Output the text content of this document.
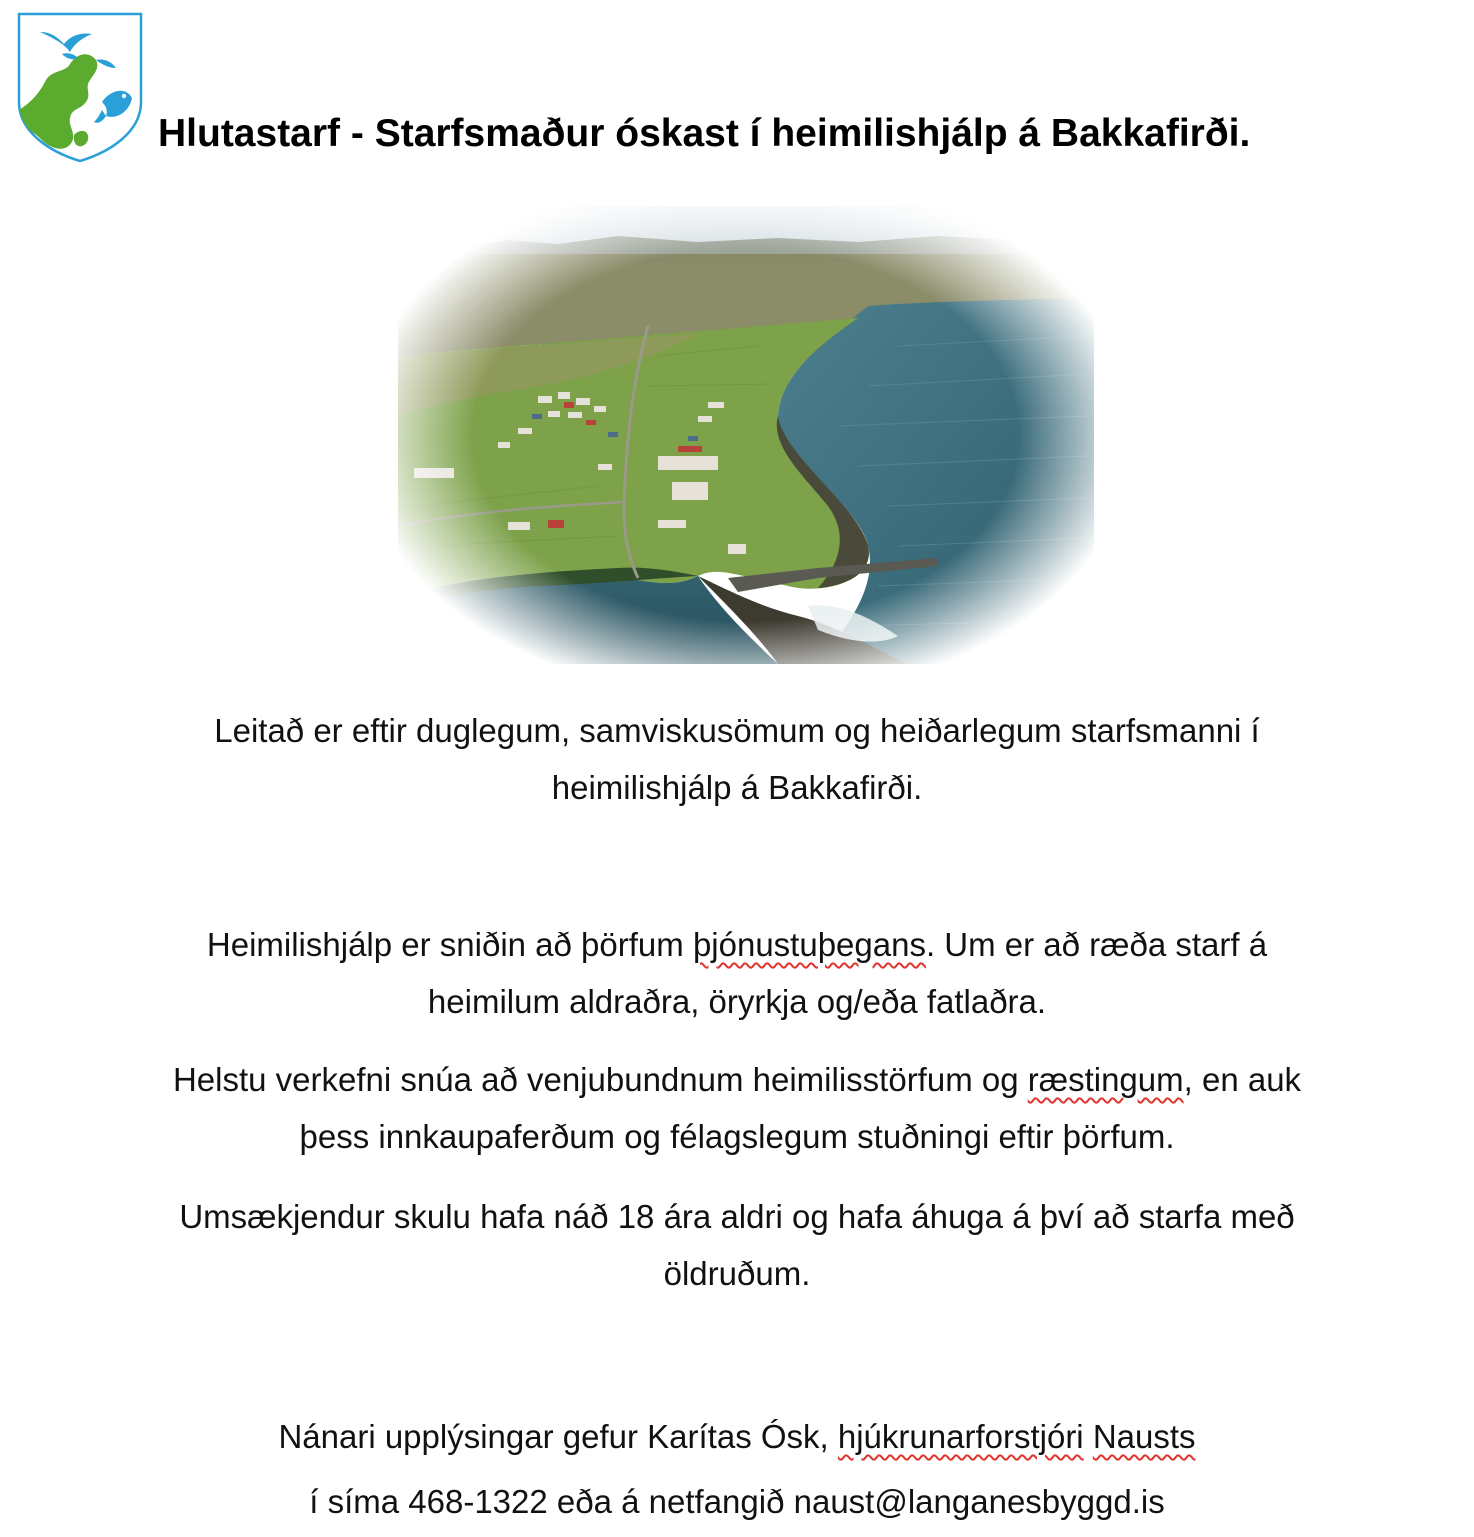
Hlutastarf - Starfsmaður óskast í heimilishjálp á Bakkafirði.

Leitað er eftir duglegum, samviskusömum og heiðarlegum starfsmanni í
heimilishjálp á Bakkafirði.

Heimilishjálp er sniðin að þörfum þjónustuþegans. Um er að ræða starf á
heimilum aldraðra, öryrkja og/eða fatlaðra.

Helstu verkefni snúa að venjubundnum heimilisstörfum og ræstingum, en auk
þess innkaupaferðum og félagslegum stuðningi eftir þörfum.

Umsækjendur skulu hafa náð 18 ára aldri og hafa áhuga á því að starfa með
öldruðum.

Nánari upplýsingar gefur Karítas Ósk, hjúkrunarforstjóri Nausts
í síma 468-1322 eða á netfangið naust@langanesbyggd.is
